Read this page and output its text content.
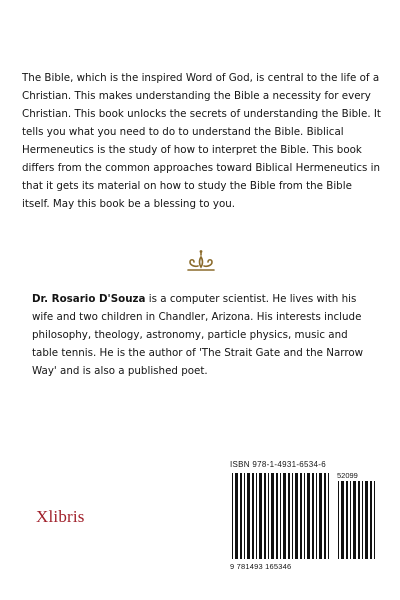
The Bible, which is the inspired Word of God, is central to the life of a Christian. This makes understanding the Bible a necessity for every Christian. This book unlocks the secrets of understanding the Bible. It tells you what you need to do to understand the Bible. Biblical Hermeneutics is the study of how to interpret the Bible. This book differs from the common approaches toward Biblical Hermeneutics in that it gets its material on how to study the Bible from the Bible itself. May this book be a blessing to you.

Dr. Rosario D'Souza is a computer scientist. He lives with his wife and two children in Chandler, Arizona. His interests include philosophy, theology, astronomy, particle physics, music and table tennis. He is the author of 'The Strait Gate and the Narrow Way' and is also a published poet.

Xlibris
ISBN 978-1-4931-6534-6
52099
9 781493 165346
